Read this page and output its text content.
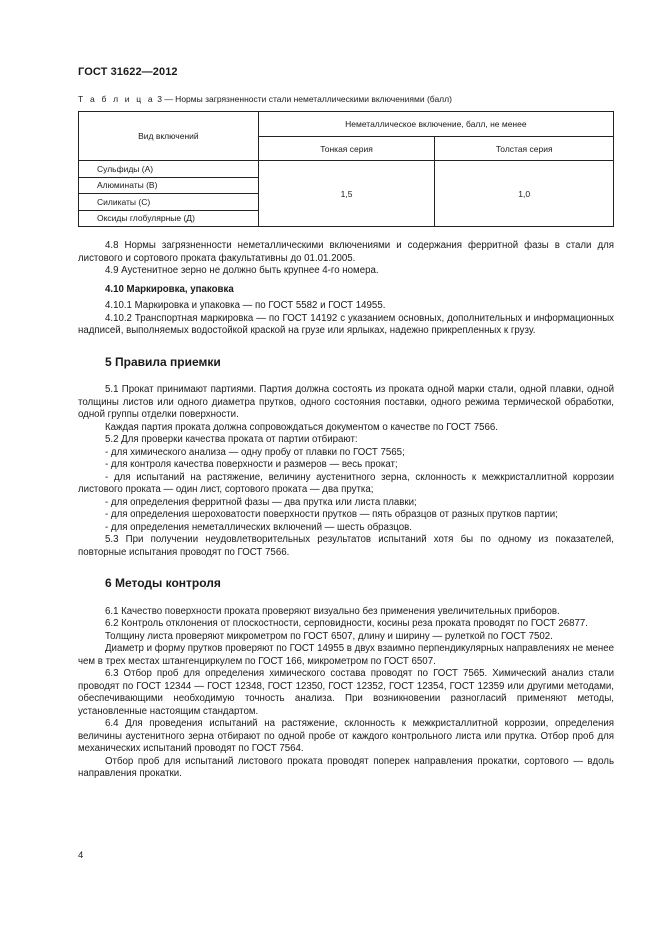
ГОСТ 31622—2012
Т а б л и ц а 3 — Нормы загрязненности стали неметаллическими включениями (балл)
Вид включений	Неметаллическое включение, балл, не менее	
	Тонкая серия	Толстая серия
Сульфиды (А)	1,5	1,0
Алюминаты (В)		
Силикаты (С)		
Оксиды глобулярные (Д)		

4.8 Нормы загрязненности неметаллическими включениями и содержания ферритной фазы в стали для листового и сортового проката факультативны до 01.01.2005.

4.9 Аустенитное зерно не должно быть крупнее 4-го номера.

4.10 Маркировка, упаковка

4.10.1 Маркировка и упаковка — по ГОСТ 5582 и ГОСТ 14955.

4.10.2 Транспортная маркировка — по ГОСТ 14192 с указанием основных, дополнительных и информационных надписей, выполняемых водостойкой краской на грузе или ярлыках, надежно прикрепленных к грузу.

5 Правила приемки

5.1 Прокат принимают партиями. Партия должна состоять из проката одной марки стали, одной плавки, одной толщины листов или одного диаметра прутков, одного состояния поставки, одного режима термической обработки, одной группы отделки поверхности.

Каждая партия проката должна сопровождаться документом о качестве по ГОСТ 7566.

5.2 Для проверки качества проката от партии отбирают:

- для химического анализа — одну пробу от плавки по ГОСТ 7565;

- для контроля качества поверхности и размеров — весь прокат;

- для испытаний на растяжение, величину аустенитного зерна, склонность к межкристаллитной коррозии листового проката — один лист, сортового проката — два прутка;

- для определения ферритной фазы — два прутка или листа плавки;

- для определения шероховатости поверхности прутков — пять образцов от разных прутков партии;

- для определения неметаллических включений — шесть образцов.

5.3 При получении неудовлетворительных результатов испытаний хотя бы по одному из показателей, повторные испытания проводят по ГОСТ 7566.

6 Методы контроля

6.1 Качество поверхности проката проверяют визуально без применения увеличительных приборов.

6.2 Контроль отклонения от плоскостности, серповидности, косины реза проката проводят по ГОСТ 26877.

Толщину листа проверяют микрометром по ГОСТ 6507, длину и ширину — рулеткой по ГОСТ 7502.

Диаметр и форму прутков проверяют по ГОСТ 14955 в двух взаимно перпендикулярных направлениях не менее чем в трех местах штангенциркулем по ГОСТ 166, микрометром по ГОСТ 6507.

6.3 Отбор проб для определения химического состава проводят по ГОСТ 7565. Химический анализ стали проводят по ГОСТ 12344 — ГОСТ 12348, ГОСТ 12350, ГОСТ 12352, ГОСТ 12354, ГОСТ 12359 или другими методами, обеспечивающими необходимую точность анализа. При возникновении разногласий применяют методы, установленные настоящим стандартом.

6.4 Для проведения испытаний на растяжение, склонность к межкристаллитной коррозии, определения величины аустенитного зерна отбирают по одной пробе от каждого контрольного листа или прутка. Отбор проб для механических испытаний проводят по ГОСТ 7564.

Отбор проб для испытаний листового проката проводят поперек направления прокатки, сортового — вдоль направления прокатки.

4
